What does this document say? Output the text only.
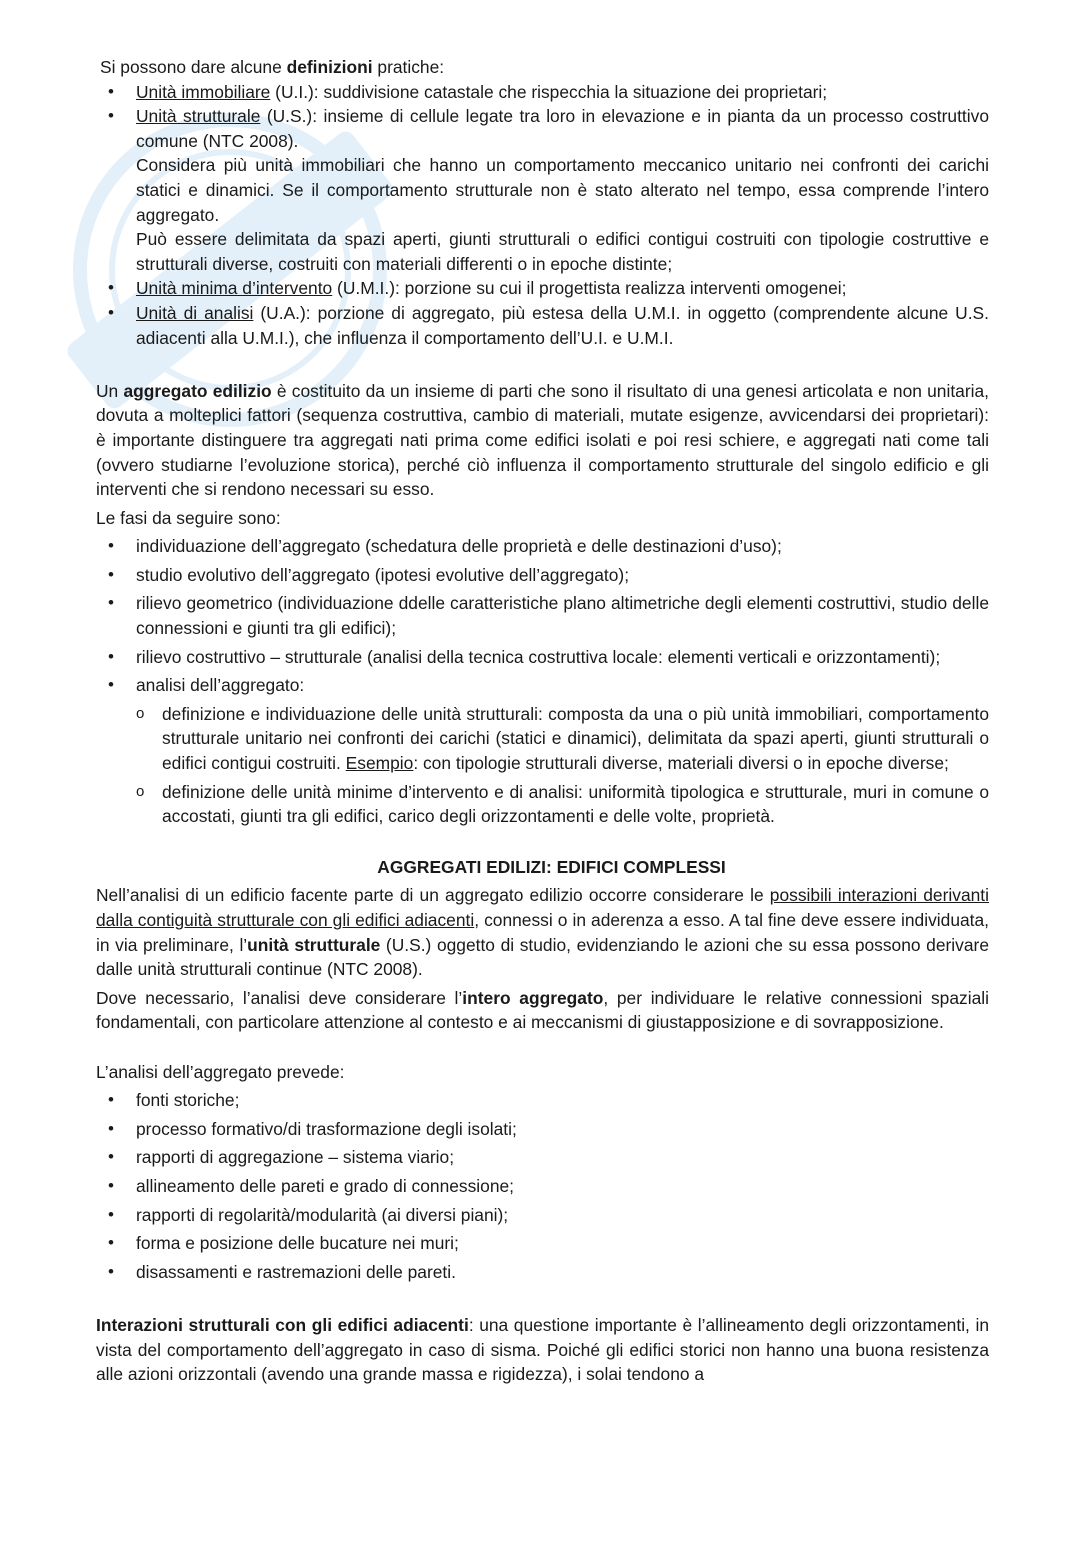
Si possono dare alcune definizioni pratiche:

• Unità immobiliare (U.I.): suddivisione catastale che rispecchia la situazione dei proprietari;
• Unità strutturale (U.S.): insieme di cellule legate tra loro in elevazione e in pianta da un processo costruttivo comune (NTC 2008).
Considera più unità immobiliari che hanno un comportamento meccanico unitario nei confronti dei carichi statici e dinamici. Se il comportamento strutturale non è stato alterato nel tempo, essa comprende l’intero aggregato.
Può essere delimitata da spazi aperti, giunti strutturali o edifici contigui costruiti con tipologie costruttive e strutturali diverse, costruiti con materiali differenti o in epoche distinte;
• Unità minima d’intervento (U.M.I.): porzione su cui il progettista realizza interventi omogenei;
• Unità di analisi (U.A.): porzione di aggregato, più estesa della U.M.I. in oggetto (comprendente alcune U.S. adiacenti alla U.M.I.), che influenza il comportamento dell’U.I. e U.M.I.

Un aggregato edilizio è costituito da un insieme di parti che sono il risultato di una genesi articolata e non unitaria, dovuta a molteplici fattori (sequenza costruttiva, cambio di materiali, mutate esigenze, avvicendarsi dei proprietari): è importante distinguere tra aggregati nati prima come edifici isolati e poi resi schiere, e aggregati nati come tali (ovvero studiarne l’evoluzione storica), perché ciò influenza il comportamento strutturale del singolo edificio e gli interventi che si rendono necessari su esso.

Le fasi da seguire sono:

• individuazione dell’aggregato (schedatura delle proprietà e delle destinazioni d’uso);
• studio evolutivo dell’aggregato (ipotesi evolutive dell’aggregato);
• rilievo geometrico (individuazione ddelle caratteristiche plano altimetriche degli elementi costruttivi, studio delle connessioni e giunti tra gli edifici);
• rilievo costruttivo – strutturale (analisi della tecnica costruttiva locale: elementi verticali e orizzontamenti);
• analisi dell’aggregato:
o definizione e individuazione delle unità strutturali: composta da una o più unità immobiliari, comportamento strutturale unitario nei confronti dei carichi (statici e dinamici), delimitata da spazi aperti, giunti strutturali o edifici contigui costruiti. Esempio: con tipologie strutturali diverse, materiali diversi o in epoche diverse;
o definizione delle unità minime d’intervento e di analisi: uniformità tipologica e strutturale, muri in comune o accostati, giunti tra gli edifici, carico degli orizzontamenti e delle volte, proprietà.
AGGREGATI EDILIZI: EDIFICI COMPLESSI

Nell’analisi di un edificio facente parte di un aggregato edilizio occorre considerare le possibili interazioni derivanti dalla contiguità strutturale con gli edifici adiacenti, connessi o in aderenza a esso. A tal fine deve essere individuata, in via preliminare, l’unità strutturale (U.S.) oggetto di studio, evidenziando le azioni che su essa possono derivare dalle unità strutturali continue (NTC 2008).

Dove necessario, l’analisi deve considerare l’intero aggregato, per individuare le relative connessioni spaziali fondamentali, con particolare attenzione al contesto e ai meccanismi di giustapposizione e di sovrapposizione.

L’analisi dell’aggregato prevede:

• fonti storiche;
• processo formativo/di trasformazione degli isolati;
• rapporti di aggregazione – sistema viario;
• allineamento delle pareti e grado di connessione;
• rapporti di regolarità/modularità (ai diversi piani);
• forma e posizione delle bucature nei muri;
• disassamenti e rastremazioni delle pareti.

Interazioni strutturali con gli edifici adiacenti: una questione importante è l’allineamento degli orizzontamenti, in vista del comportamento dell’aggregato in caso di sisma. Poiché gli edifici storici non hanno una buona resistenza alle azioni orizzontali (avendo una grande massa e rigidezza), i solai tendono a
